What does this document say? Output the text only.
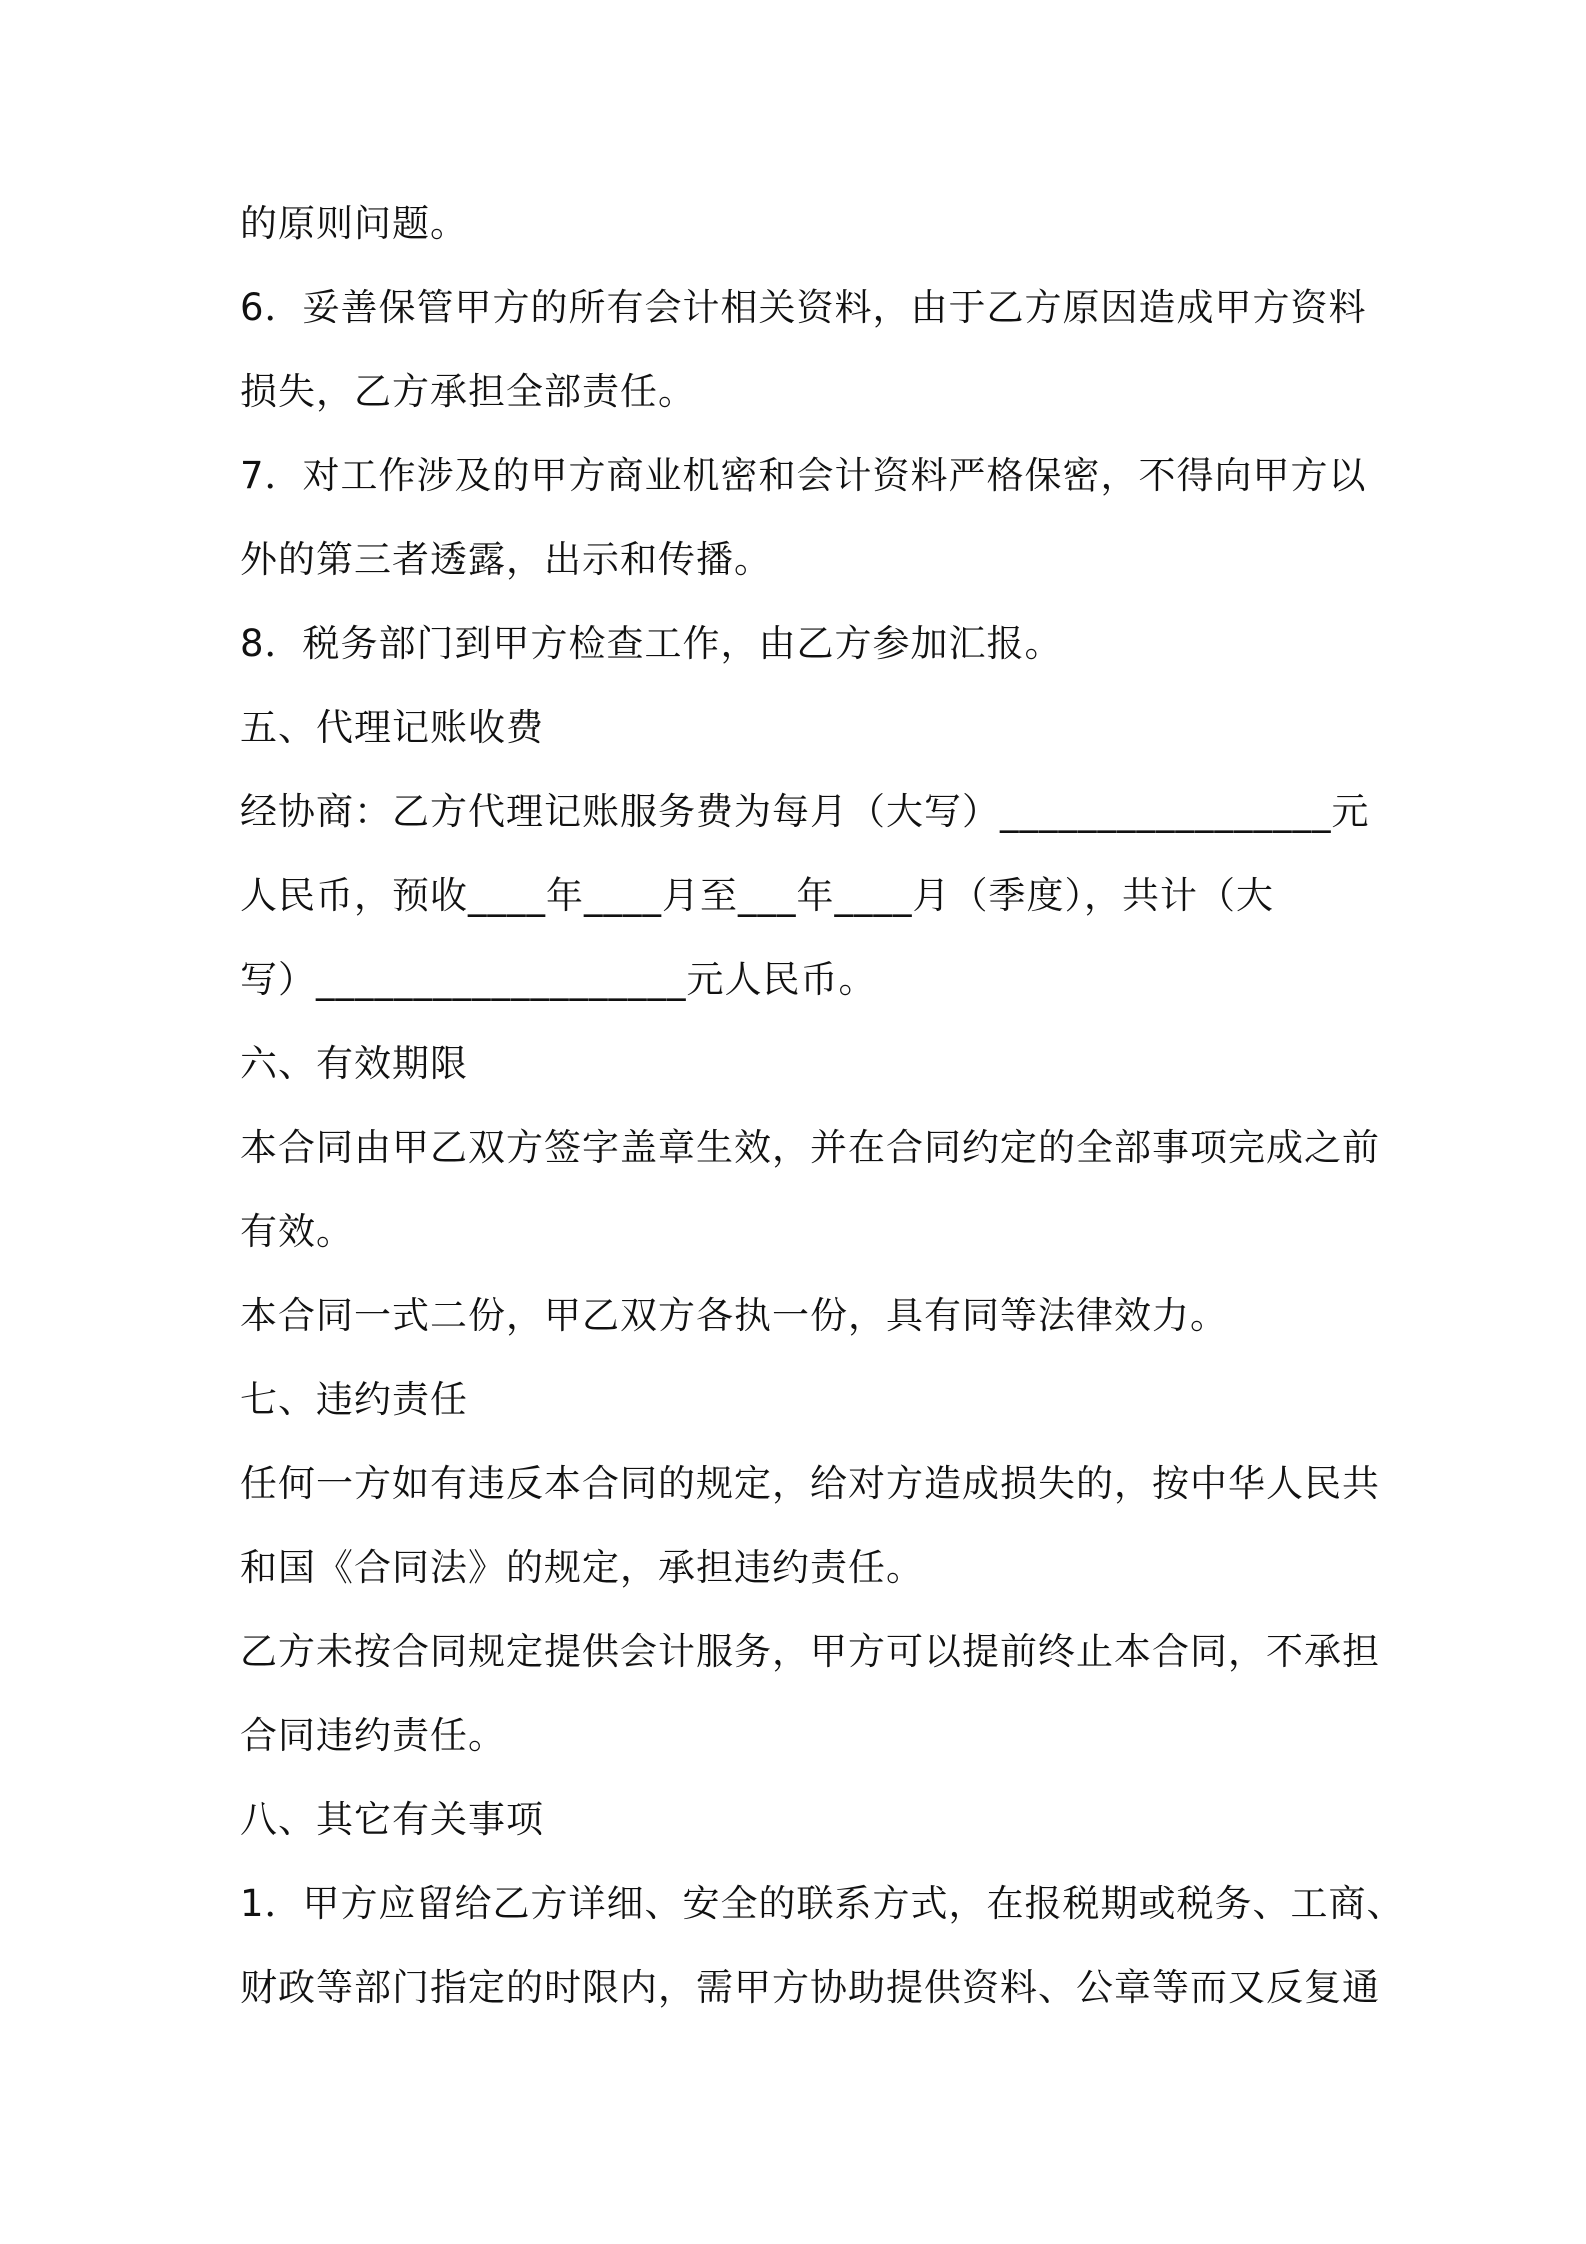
的原则问题。
6．妥善保管甲方的所有会计相关资料，由于乙方原因造成甲方资料
损失，乙方承担全部责任。
7．对工作涉及的甲方商业机密和会计资料严格保密，不得向甲方以
外的第三者透露，出示和传播。
8．税务部门到甲方检查工作，由乙方参加汇报。
五、代理记账收费
经协商：乙方代理记账服务费为每月（大写）_________________元
人民币，预收____年____月至___年____月（季度），共计（大
写）___________________元人民币。
六、有效期限
本合同由甲乙双方签字盖章生效，并在合同约定的全部事项完成之前
有效。
本合同一式二份，甲乙双方各执一份，具有同等法律效力。
七、违约责任
任何一方如有违反本合同的规定，给对方造成损失的，按中华人民共
和国《合同法》的规定，承担违约责任。
乙方未按合同规定提供会计服务，甲方可以提前终止本合同，不承担
合同违约责任。
八、其它有关事项
1．甲方应留给乙方详细、安全的联系方式，在报税期或税务、工商、
财政等部门指定的时限内，需甲方协助提供资料、公章等而又反复通
